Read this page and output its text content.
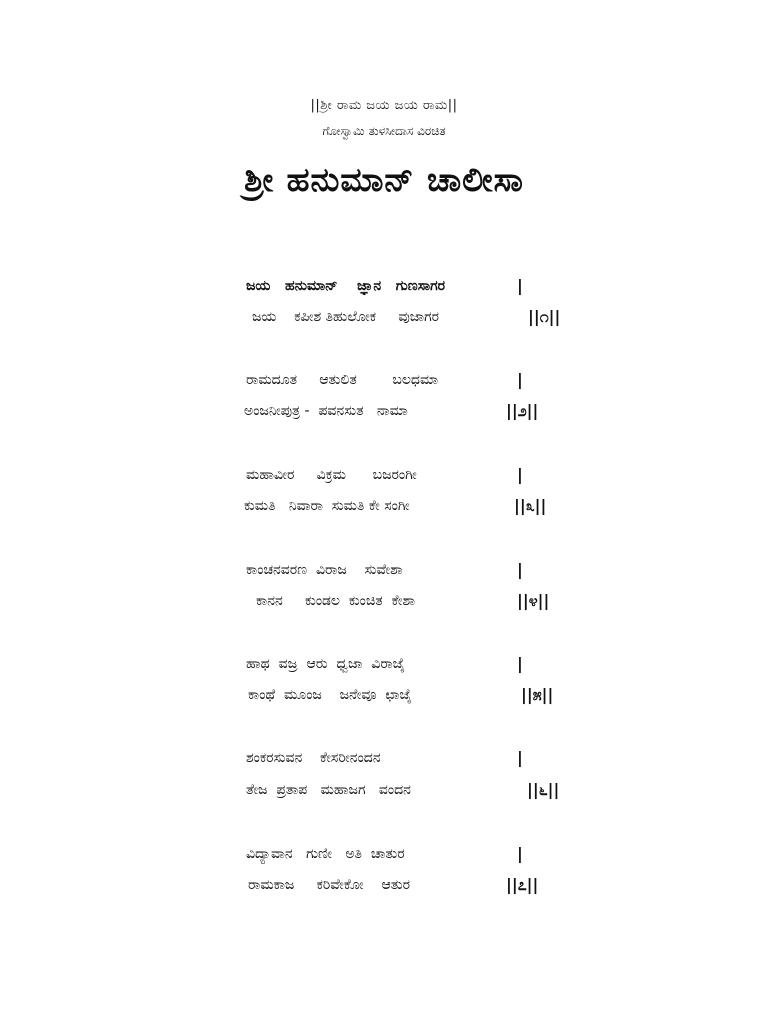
||ಶ್ರೀ ರಾಮ ಜಯ ಜಯ ರಾಮ||
ಗೋಸ್ವಾಮಿ ತುಳಸೀದಾಸ ವಿರಚಿತ
ಶ್ರೀ ಹನುಮಾನ್ ಚಾಲೀಸಾ
ಜಯ   ಹನುಮಾನ್    ಜ್ಞಾನ   ಗುಣಸಾಗರ	|
ಜಯ    ಕಪೀಶ ತಿಹುಲೋಕ     ವುಜಾಗರ	||೧||
ರಾಮದೂತ     ಆತುಲಿತ        ಬಲಧಮಾ	|
ಅಂಜನೀಪುತ್ರ -  ಪವನಸುತ   ನಾಮಾ	||೨||
ಮಹಾವೀರ     ವಿಕ್ರಮ      ಬಜರಂಗೀ	|
ಕುಮತಿ   ನಿವಾರಾ  ಸುಮತಿ ಕೇ ಸಂಗೀ	||೩||
ಕಾಂಚನವರಣ  ವಿರಾಜ    ಸುವೇಶಾ	|
ಕಾನನ     ಕುಂಡಲ  ಕುಂಚಿತ  ಕೇಶಾ	||೪||
ಹಾಥ  ವಜ್ರ  ಆರು  ಧ್ವಜಾ  ವಿರಾಜೈ	|
ಕಾಂಥೆ  ಮೂಂಜ    ಜನೇವೂ  ಛಾಜೈ	||೫||
ಶಂಕರಸುವನ    ಕೇಸರೀನಂದನ	|
ತೇಜ  ಪ್ರತಾಪ   ಮಹಾಜಗ   ವಂದನ	||೬||
ವಿದ್ಯಾವಾನ   ಗುಣೀ   ಅತಿ  ಚಾತುರ	|
ರಾಮಕಾಜ     ಕರಿವೇಕೋ    ಆತುರ	||೭||
